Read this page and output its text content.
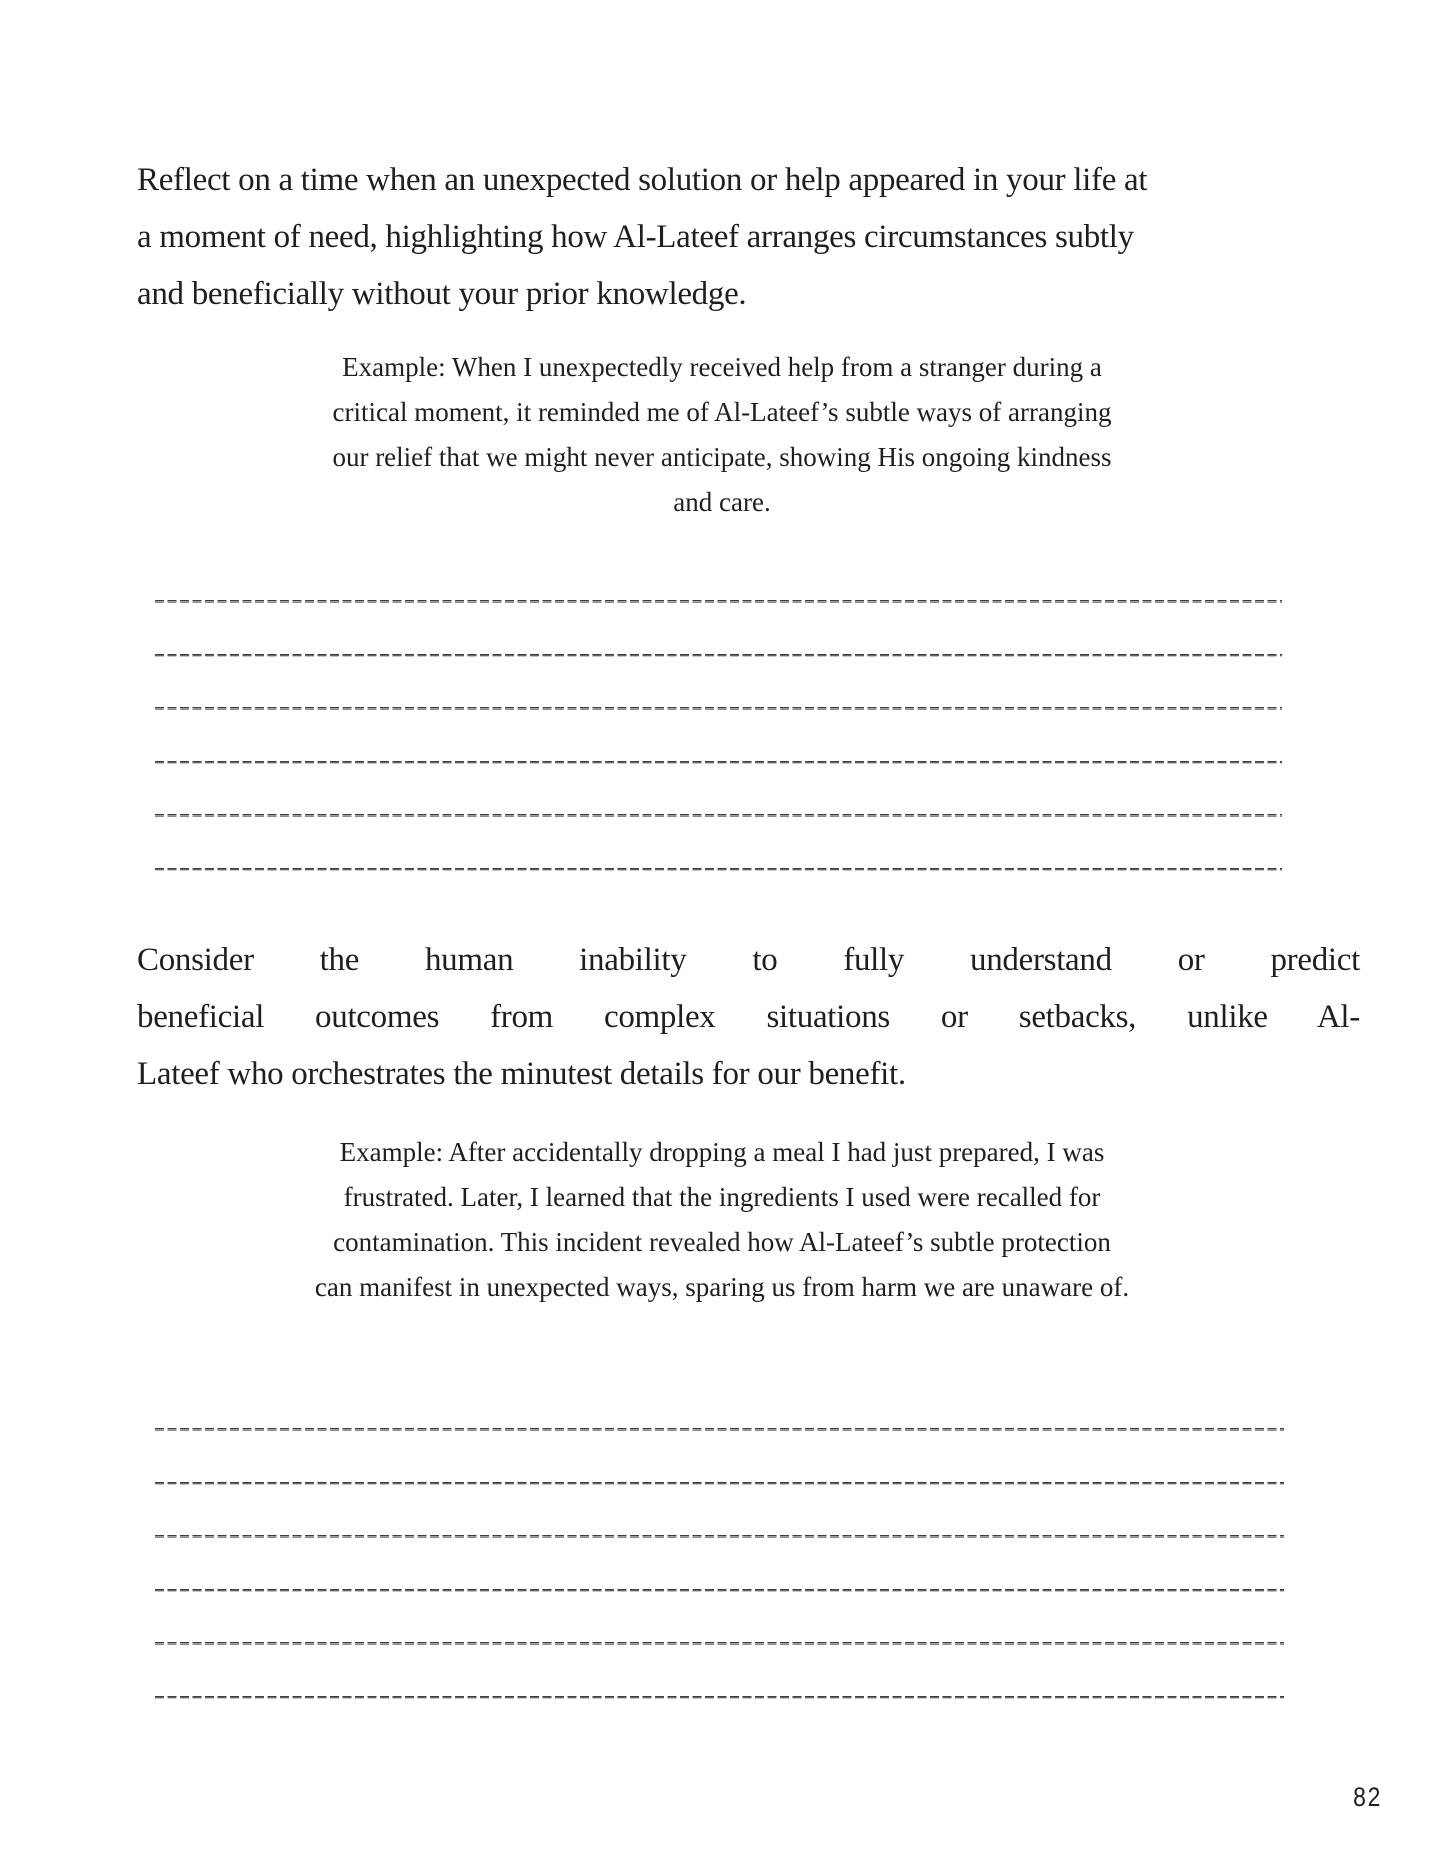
Reflect on a time when an unexpected solution or help appeared in your life at
a moment of need, highlighting how Al-Lateef arranges circumstances subtly
and beneficially without your prior knowledge.
Example: When I unexpectedly received help from a stranger during a
critical moment, it reminded me of Al-Lateef’s subtle ways of arranging
our relief that we might never anticipate, showing His ongoing kindness
and care.
Consider the human inability to fully understand or predict
beneficial outcomes from complex situations or setbacks, unlike Al-
Lateef who orchestrates the minutest details for our benefit.
Example: After accidentally dropping a meal I had just prepared, I was
frustrated. Later, I learned that the ingredients I used were recalled for
contamination. This incident revealed how Al-Lateef’s subtle protection
can manifest in unexpected ways, sparing us from harm we are unaware of.
82
